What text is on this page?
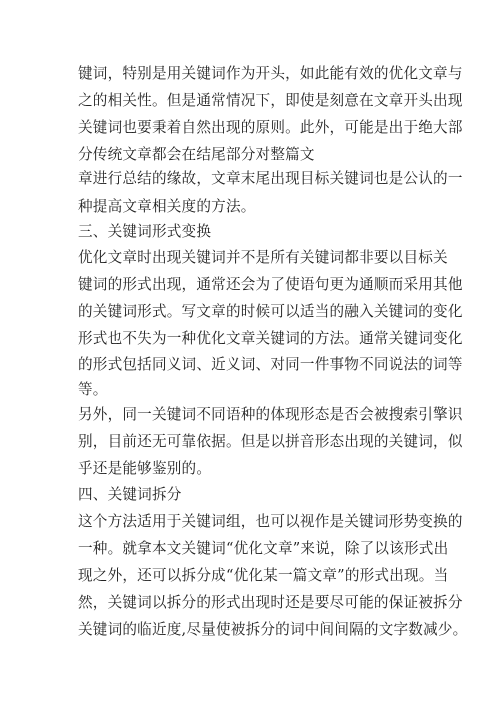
键词，特别是用关键词作为开头，如此能有效的优化文章与
之的相关性。但是通常情况下，即使是刻意在文章开头出现
关键词也要秉着自然出现的原则。此外，可能是出于绝大部
分传统文章都会在结尾部分对整篇文
章进行总结的缘故，文章末尾出现目标关键词也是公认的一
种提高文章相关度的方法。
三、关键词形式变换
优化文章时出现关键词并不是所有关键词都非要以目标关
键词的形式出现，通常还会为了使语句更为通顺而采用其他
的关键词形式。写文章的时候可以适当的融入关键词的变化
形式也不失为一种优化文章关键词的方法。通常关键词变化
的形式包括同义词、近义词、对同一件事物不同说法的词等
等。
另外，同一关键词不同语种的体现形态是否会被搜索引擎识
别，目前还无可靠依据。但是以拼音形态出现的关键词，似
乎还是能够鉴别的。
四、关键词拆分
这个方法适用于关键词组，也可以视作是关键词形势变换的
一种。就拿本文关键词“优化文章”来说，除了以该形式出
现之外，还可以拆分成“优化某一篇文章”的形式出现。当
然，关键词以拆分的形式出现时还是要尽可能的保证被拆分
关键词的临近度,尽量使被拆分的词中间间隔的文字数减少。
